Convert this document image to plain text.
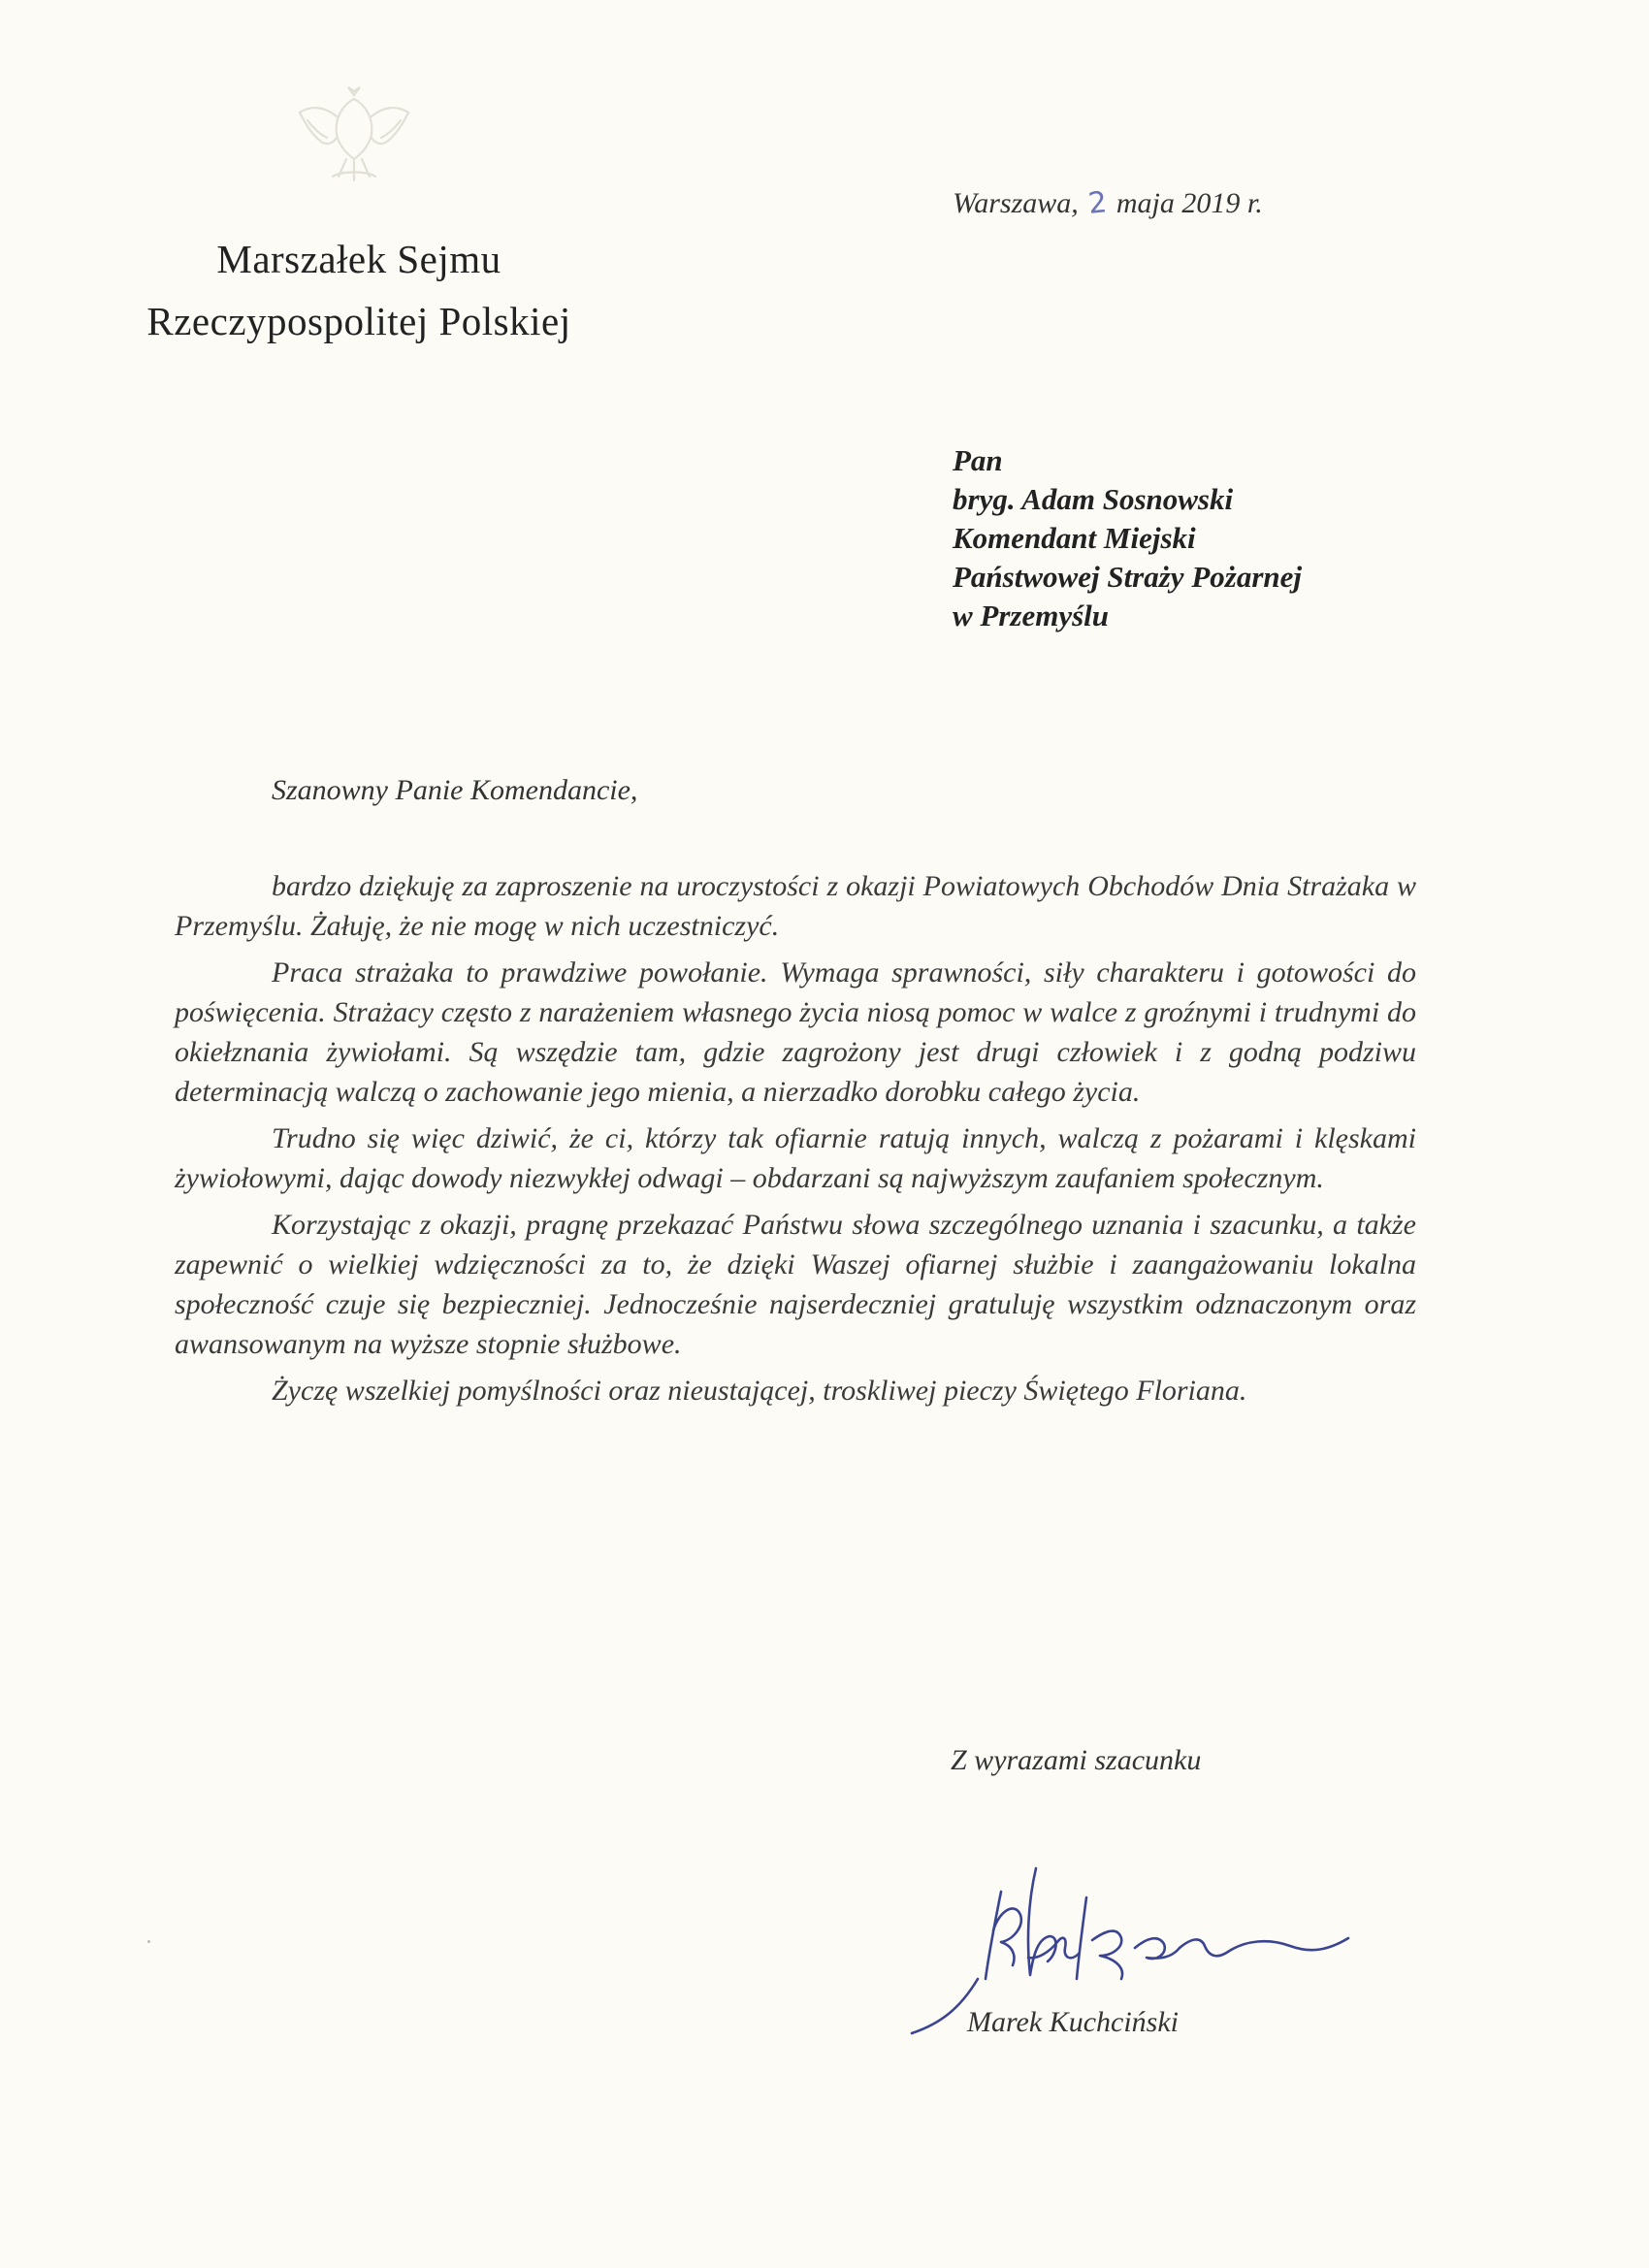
Marszałek Sejmu
Rzeczypospolitej Polskiej
Warszawa, 2 maja 2019 r.
Pan
bryg. Adam Sosnowski
Komendant Miejski
Państwowej Straży Pożarnej
w Przemyślu
Szanowny Panie Komendancie,

bardzo dziękuję za zaproszenie na uroczystości z okazji Powiatowych Obchodów Dnia Strażaka w Przemyślu. Żałuję, że nie mogę w nich uczestniczyć.

Praca strażaka to prawdziwe powołanie. Wymaga sprawności, siły charakteru i gotowości do poświęcenia. Strażacy często z narażeniem własnego życia niosą pomoc w walce z groźnymi i trudnymi do okiełznania żywiołami. Są wszędzie tam, gdzie zagrożony jest drugi człowiek i z godną podziwu determinacją walczą o zachowanie jego mienia, a nierzadko dorobku całego życia.

Trudno się więc dziwić, że ci, którzy tak ofiarnie ratują innych, walczą z pożarami i klęskami żywiołowymi, dając dowody niezwykłej odwagi – obdarzani są najwyższym zaufaniem społecznym.

Korzystając z okazji, pragnę przekazać Państwu słowa szczególnego uznania i szacunku, a także zapewnić o wielkiej wdzięczności za to, że dzięki Waszej ofiarnej służbie i zaangażowaniu lokalna społeczność czuje się bezpieczniej. Jednocześnie najserdeczniej gratuluję wszystkim odznaczonym oraz awansowanym na wyższe stopnie służbowe.

Życzę wszelkiej pomyślności oraz nieustającej, troskliwej pieczy Świętego Floriana.

Z wyrazami szacunku
Marek Kuchciński
